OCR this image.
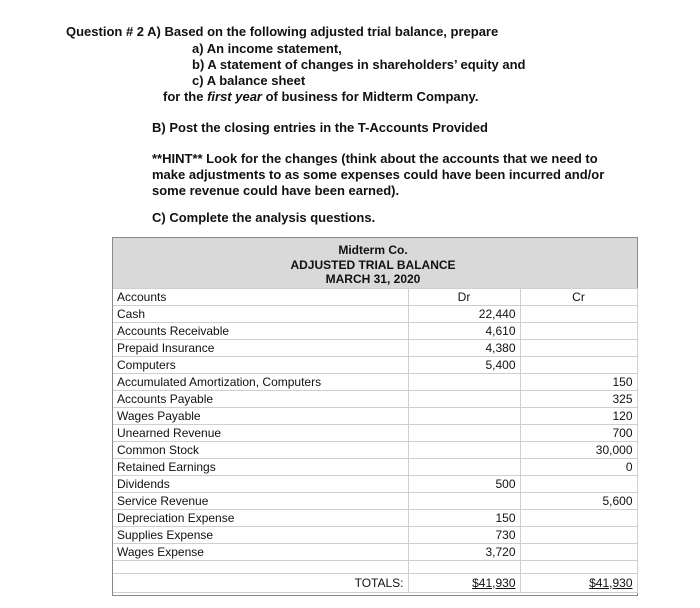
Question # 2 A) Based on the following adjusted trial balance, prepare
a) An income statement,
b) A statement of changes in shareholders’ equity and
c) A balance sheet
for the first year of business for Midterm Company.
B) Post the closing entries in the T-Accounts Provided
**HINT** Look for the changes (think about the accounts that we need to
make adjustments to as some expenses could have been incurred and/or
some revenue could have been earned).
C) Complete the analysis questions.
Midterm Co.
ADJUSTED TRIAL BALANCE
MARCH 31, 2020
Accounts	Dr	Cr
Cash	22,440	
Accounts Receivable	4,610	
Prepaid Insurance	4,380	
Computers	5,400	
Accumulated Amortization, Computers		150
Accounts Payable		325
Wages Payable		120
Unearned Revenue		700
Common Stock		30,000
Retained Earnings		0
Dividends	500	
Service Revenue		5,600
Depreciation Expense	150	
Supplies Expense	730	
Wages Expense	3,720	

TOTALS:	$41,930	$41,930
